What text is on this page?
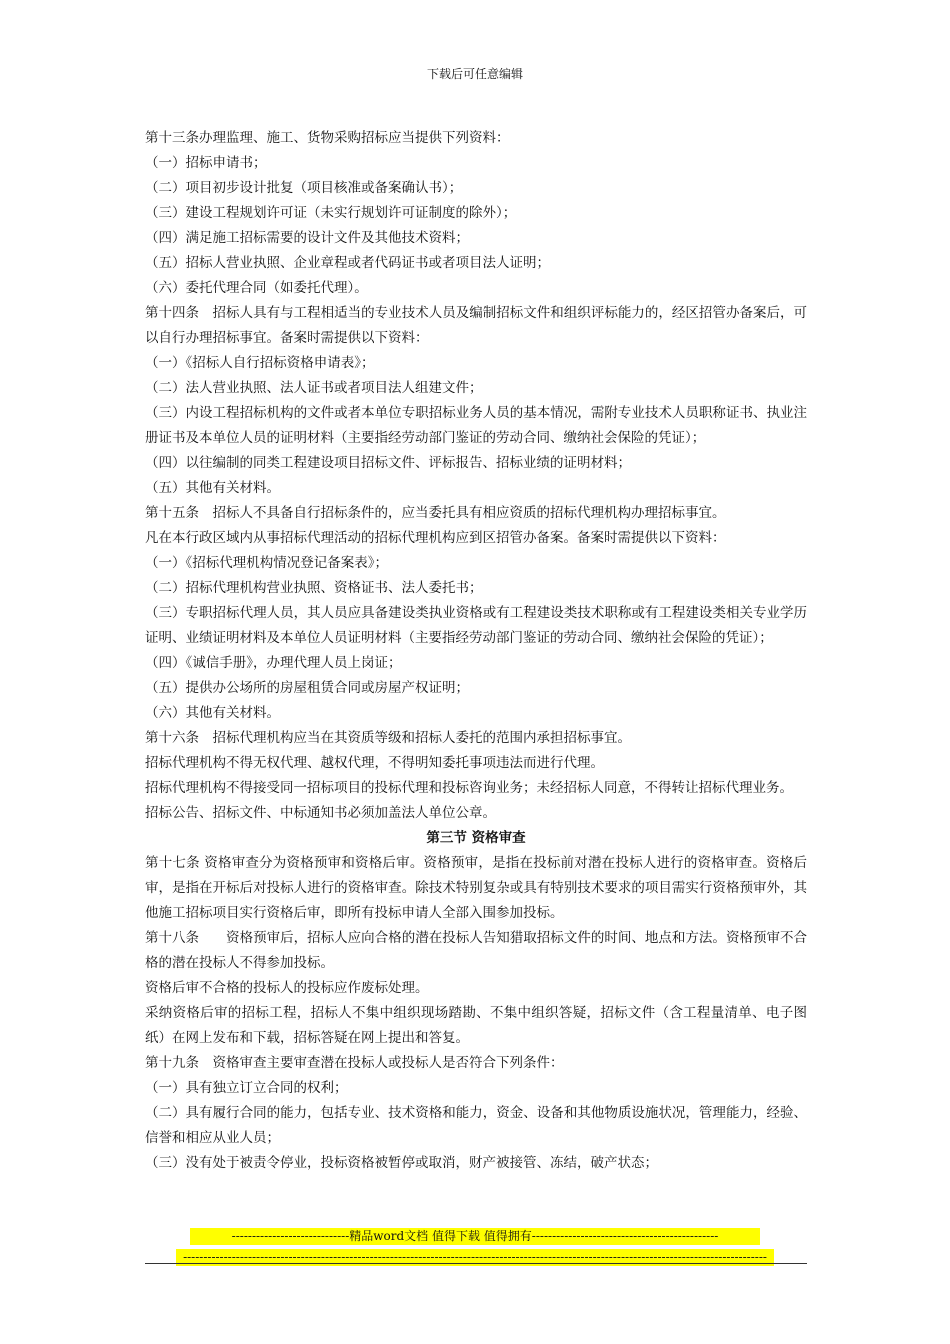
下载后可任意编辑

第十三条办理监理、施工、货物采购招标应当提供下列资料：

（一）招标申请书；

（二）项目初步设计批复（项目核准或备案确认书）；

（三）建设工程规划许可证（未实行规划许可证制度的除外）；

（四）满足施工招标需要的设计文件及其他技术资料；

（五）招标人营业执照、企业章程或者代码证书或者项目法人证明；

（六）委托代理合同（如委托代理）。

第十四条　招标人具有与工程相适当的专业技术人员及编制招标文件和组织评标能力的，经区招管办备案后，可以自行办理招标事宜。备案时需提供以下资料：

（一）《招标人自行招标资格申请表》；

（二）法人营业执照、法人证书或者项目法人组建文件；

（三）内设工程招标机构的文件或者本单位专职招标业务人员的基本情况，需附专业技术人员职称证书、执业注册证书及本单位人员的证明材料（主要指经劳动部门鉴证的劳动合同、缴纳社会保险的凭证）；

（四）以往编制的同类工程建设项目招标文件、评标报告、招标业绩的证明材料；

（五）其他有关材料。

第十五条　招标人不具备自行招标条件的，应当委托具有相应资质的招标代理机构办理招标事宜。

凡在本行政区域内从事招标代理活动的招标代理机构应到区招管办备案。备案时需提供以下资料：

（一）《招标代理机构情况登记备案表》；

（二）招标代理机构营业执照、资格证书、法人委托书；

（三）专职招标代理人员，其人员应具备建设类执业资格或有工程建设类技术职称或有工程建设类相关专业学历证明、业绩证明材料及本单位人员证明材料（主要指经劳动部门鉴证的劳动合同、缴纳社会保险的凭证）；

（四）《诚信手册》，办理代理人员上岗证；

（五）提供办公场所的房屋租赁合同或房屋产权证明；

（六）其他有关材料。

第十六条　招标代理机构应当在其资质等级和招标人委托的范围内承担招标事宜。

招标代理机构不得无权代理、越权代理，不得明知委托事项违法而进行代理。

招标代理机构不得接受同一招标项目的投标代理和投标咨询业务；未经招标人同意，不得转让招标代理业务。

招标公告、招标文件、中标通知书必须加盖法人单位公章。

第三节 资格审查

第十七条 资格审查分为资格预审和资格后审。资格预审，是指在投标前对潜在投标人进行的资格审查。资格后审，是指在开标后对投标人进行的资格审查。除技术特别复杂或具有特别技术要求的项目需实行资格预审外，其他施工招标项目实行资格后审，即所有投标申请人全部入围参加投标。

第十八条　　资格预审后，招标人应向合格的潜在投标人告知猎取招标文件的时间、地点和方法。资格预审不合格的潜在投标人不得参加投标。

资格后审不合格的投标人的投标应作废标处理。

采纳资格后审的招标工程，招标人不集中组织现场踏勘、不集中组织答疑，招标文件（含工程量清单、电子图纸）在网上发布和下载，招标答疑在网上提出和答复。

第十九条　资格审查主要审查潜在投标人或投标人是否符合下列条件：

（一）具有独立订立合同的权利；

（二）具有履行合同的能力，包括专业、技术资格和能力，资金、设备和其他物质设施状况，管理能力，经验、信誉和相应从业人员；

（三）没有处于被责令停业，投标资格被暂停或取消，财产被接管、冻结，破产状态；

-----------------------------精品word文档 值得下载 值得拥有----------------------------------------------
------------------------------------------------------------------------------------------------------------------------------------------------
